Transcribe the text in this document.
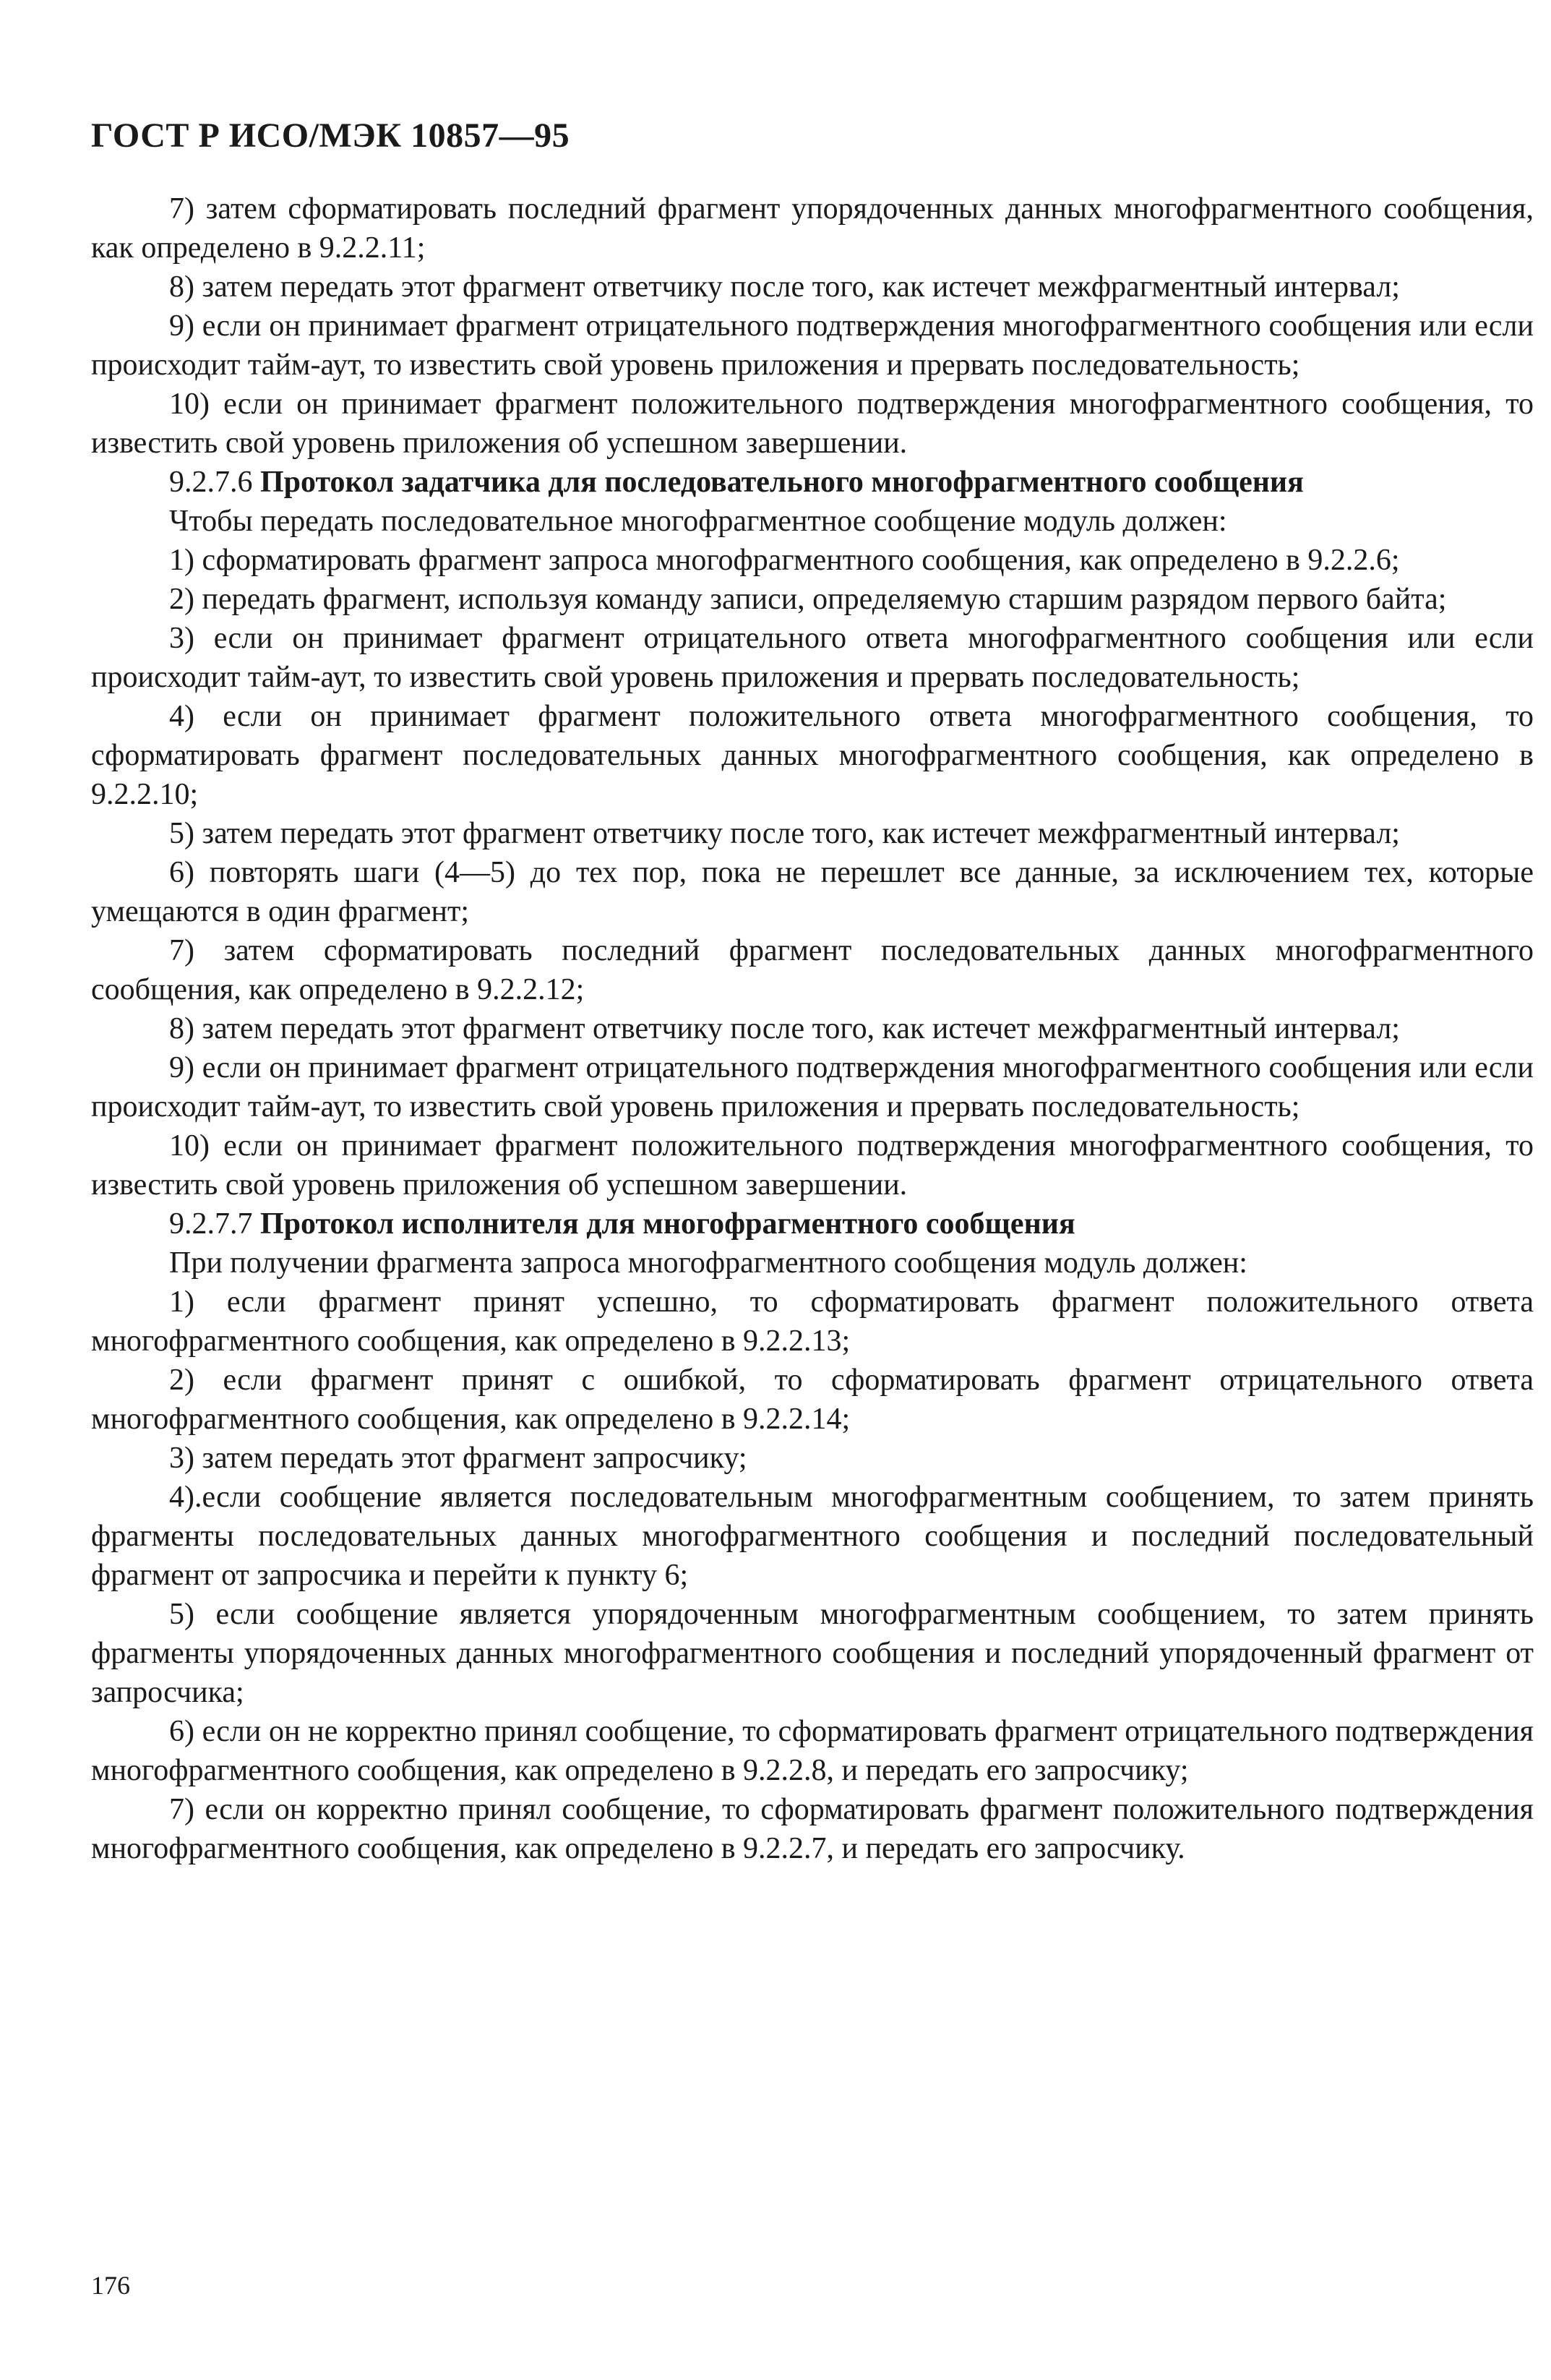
ГОСТ Р ИСО/МЭК 10857—95

7) затем сформатировать последний фрагмент упорядоченных данных многофрагментного сообщения, как определено в 9.2.2.11;

8) затем передать этот фрагмент ответчику после того, как истечет межфрагментный интервал;

9) если он принимает фрагмент отрицательного подтверждения многофрагментного сообщения или если происходит тайм-аут, то известить свой уровень приложения и прервать последовательность;

10) если он принимает фрагмент положительного подтверждения многофрагментного сообщения, то известить свой уровень приложения об успешном завершении.

9.2.7.6 Протокол задатчика для последовательного многофрагментного сообщения

Чтобы передать последовательное многофрагментное сообщение модуль должен:

1) сформатировать фрагмент запроса многофрагментного сообщения, как определено в 9.2.2.6;

2) передать фрагмент, используя команду записи, определяемую старшим разрядом первого байта;

3) если он принимает фрагмент отрицательного ответа многофрагментного сообщения или если происходит тайм-аут, то известить свой уровень приложения и прервать последовательность;

4) если он принимает фрагмент положительного ответа многофрагментного сообщения, то сформатировать фрагмент последовательных данных многофрагментного сообщения, как определено в 9.2.2.10;

5) затем передать этот фрагмент ответчику после того, как истечет межфрагментный интервал;

6) повторять шаги (4—5) до тех пор, пока не перешлет все данные, за исключением тех, которые умещаются в один фрагмент;

7) затем сформатировать последний фрагмент последовательных данных многофрагментного сообщения, как определено в 9.2.2.12;

8) затем передать этот фрагмент ответчику после того, как истечет межфрагментный интервал;

9) если он принимает фрагмент отрицательного подтверждения многофрагментного сообщения или если происходит тайм-аут, то известить свой уровень приложения и прервать последовательность;

10) если он принимает фрагмент положительного подтверждения многофрагментного сообщения, то известить свой уровень приложения об успешном завершении.

9.2.7.7 Протокол исполнителя для многофрагментного сообщения

При получении фрагмента запроса многофрагментного сообщения модуль должен:

1) если фрагмент принят успешно, то сформатировать фрагмент положительного ответа многофрагментного сообщения, как определено в 9.2.2.13;

2) если фрагмент принят с ошибкой, то сформатировать фрагмент отрицательного ответа многофрагментного сообщения, как определено в 9.2.2.14;

3) затем передать этот фрагмент запросчику;

4).если сообщение является последовательным многофрагментным сообщением, то затем принять фрагменты последовательных данных многофрагментного сообщения и последний последовательный фрагмент от запросчика и перейти к пункту 6;

5) если сообщение является упорядоченным многофрагментным сообщением, то затем принять фрагменты упорядоченных данных многофрагментного сообщения и последний упорядоченный фрагмент от запросчика;

6) если он не корректно принял сообщение, то сформатировать фрагмент отрицательного подтверждения многофрагментного сообщения, как определено в 9.2.2.8, и передать его запросчику;

7) если он корректно принял сообщение, то сформатировать фрагмент положительного подтверждения многофрагментного сообщения, как определено в 9.2.2.7, и передать его запросчику.

176
